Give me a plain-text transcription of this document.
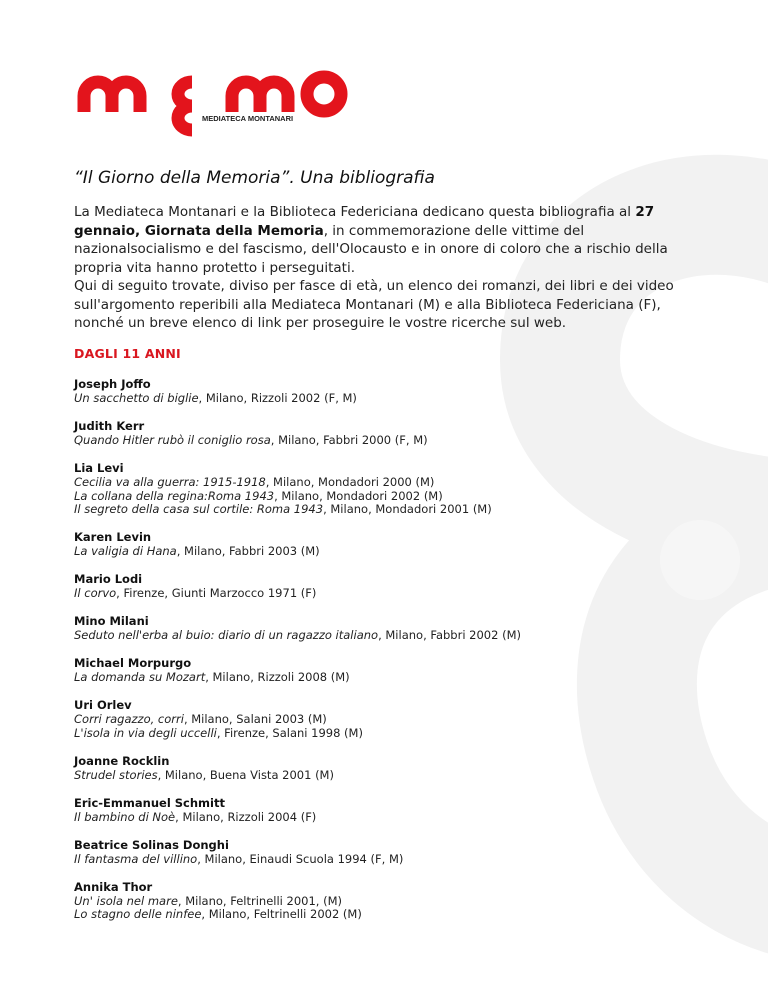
MEDIATECA MONTANARI
“Il Giorno della Memoria”. Una bibliografia

La Mediateca Montanari e la Biblioteca Federiciana dedicano questa bibliografia al 27 gennaio, Giornata della Memoria, in commemorazione delle vittime del nazionalsocialismo e del fascismo, dell'Olocausto e in onore di coloro che a rischio della propria vita hanno protetto i perseguitati.

Qui di seguito trovate, diviso per fasce di età, un elenco dei romanzi, dei libri e dei video sull'argomento reperibili alla Mediateca Montanari (M) e alla Biblioteca Federiciana (F), nonché un breve elenco di link per proseguire le vostre ricerche sul web.

DAGLI 11 ANNI
Joseph Joffo
Un sacchetto di biglie, Milano, Rizzoli 2002 (F, M)
Judith Kerr
Quando Hitler rubò il coniglio rosa, Milano, Fabbri 2000 (F, M)
Lia Levi
Cecilia va alla guerra: 1915-1918, Milano, Mondadori 2000 (M)
La collana della regina:Roma 1943, Milano, Mondadori 2002 (M)
Il segreto della casa sul cortile: Roma 1943, Milano, Mondadori 2001 (M)
Karen Levin
La valigia di Hana, Milano, Fabbri 2003 (M)
Mario Lodi
Il corvo, Firenze, Giunti Marzocco 1971 (F)
Mino Milani
Seduto nell'erba al buio: diario di un ragazzo italiano, Milano, Fabbri 2002 (M)
Michael Morpurgo
La domanda su Mozart, Milano, Rizzoli 2008 (M)
Uri Orlev
Corri ragazzo, corri, Milano, Salani 2003 (M)
L'isola in via degli uccelli, Firenze, Salani 1998 (M)
Joanne Rocklin
Strudel stories, Milano, Buena Vista 2001 (M)
Eric-Emmanuel Schmitt
Il bambino di Noè, Milano, Rizzoli 2004 (F)
Beatrice Solinas Donghi
Il fantasma del villino, Milano, Einaudi Scuola 1994 (F, M)
Annika Thor
Un' isola nel mare, Milano, Feltrinelli 2001, (M)
Lo stagno delle ninfee, Milano, Feltrinelli 2002 (M)
